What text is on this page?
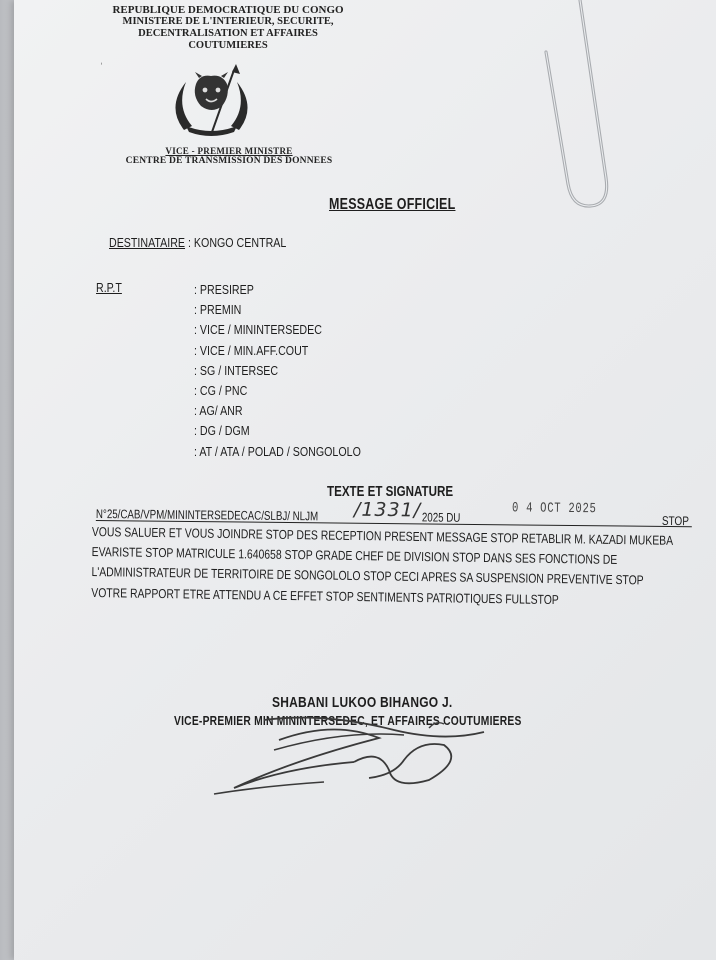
REPUBLIQUE DEMOCRATIQUE DU CONGO
MINISTERE DE L'INTERIEUR, SECURITE,
DECENTRALISATION ET AFFAIRES COUTUMIERES
˒
VICE - PREMIER MINISTRE
CENTRE DE TRANSMISSION DES DONNEES
MESSAGE OFFICIEL
DESTINATAIRE : KONGO CENTRAL
R.P.T	: PRESIREP
: PREMIN
: VICE / MININTERSEDEC
: VICE / MIN.AFF.COUT
: SG / INTERSEC
: CG / PNC
: AG/ ANR
: DG / DGM
: AT / ATA / POLAD / SONGOLOLO
TEXTE ET SIGNATURE
N°25/CAB/VPM/MININTERSEDECAC/SLBJ/ NLJM /1331/ 2025 DU
0 4 OCT 2025
STOP
VOUS SALUER ET VOUS JOINDRE STOP DES RECEPTION PRESENT MESSAGE STOP RETABLIR M. KAZADI MUKEBA
EVARISTE STOP MATRICULE 1.640658 STOP GRADE CHEF DE DIVISION STOP DANS SES FONCTIONS DE
L'ADMINISTRATEUR DE TERRITOIRE DE SONGOLOLO STOP CECI APRES SA SUSPENSION PREVENTIVE STOP
VOTRE RAPPORT ETRE ATTENDU A CE EFFET STOP SENTIMENTS PATRIOTIQUES FULLSTOP
SHABANI LUKOO BIHANGO J.
VICE-PREMIER MIN MININTERSEDEC, ET AFFAIRES COUTUMIERES
